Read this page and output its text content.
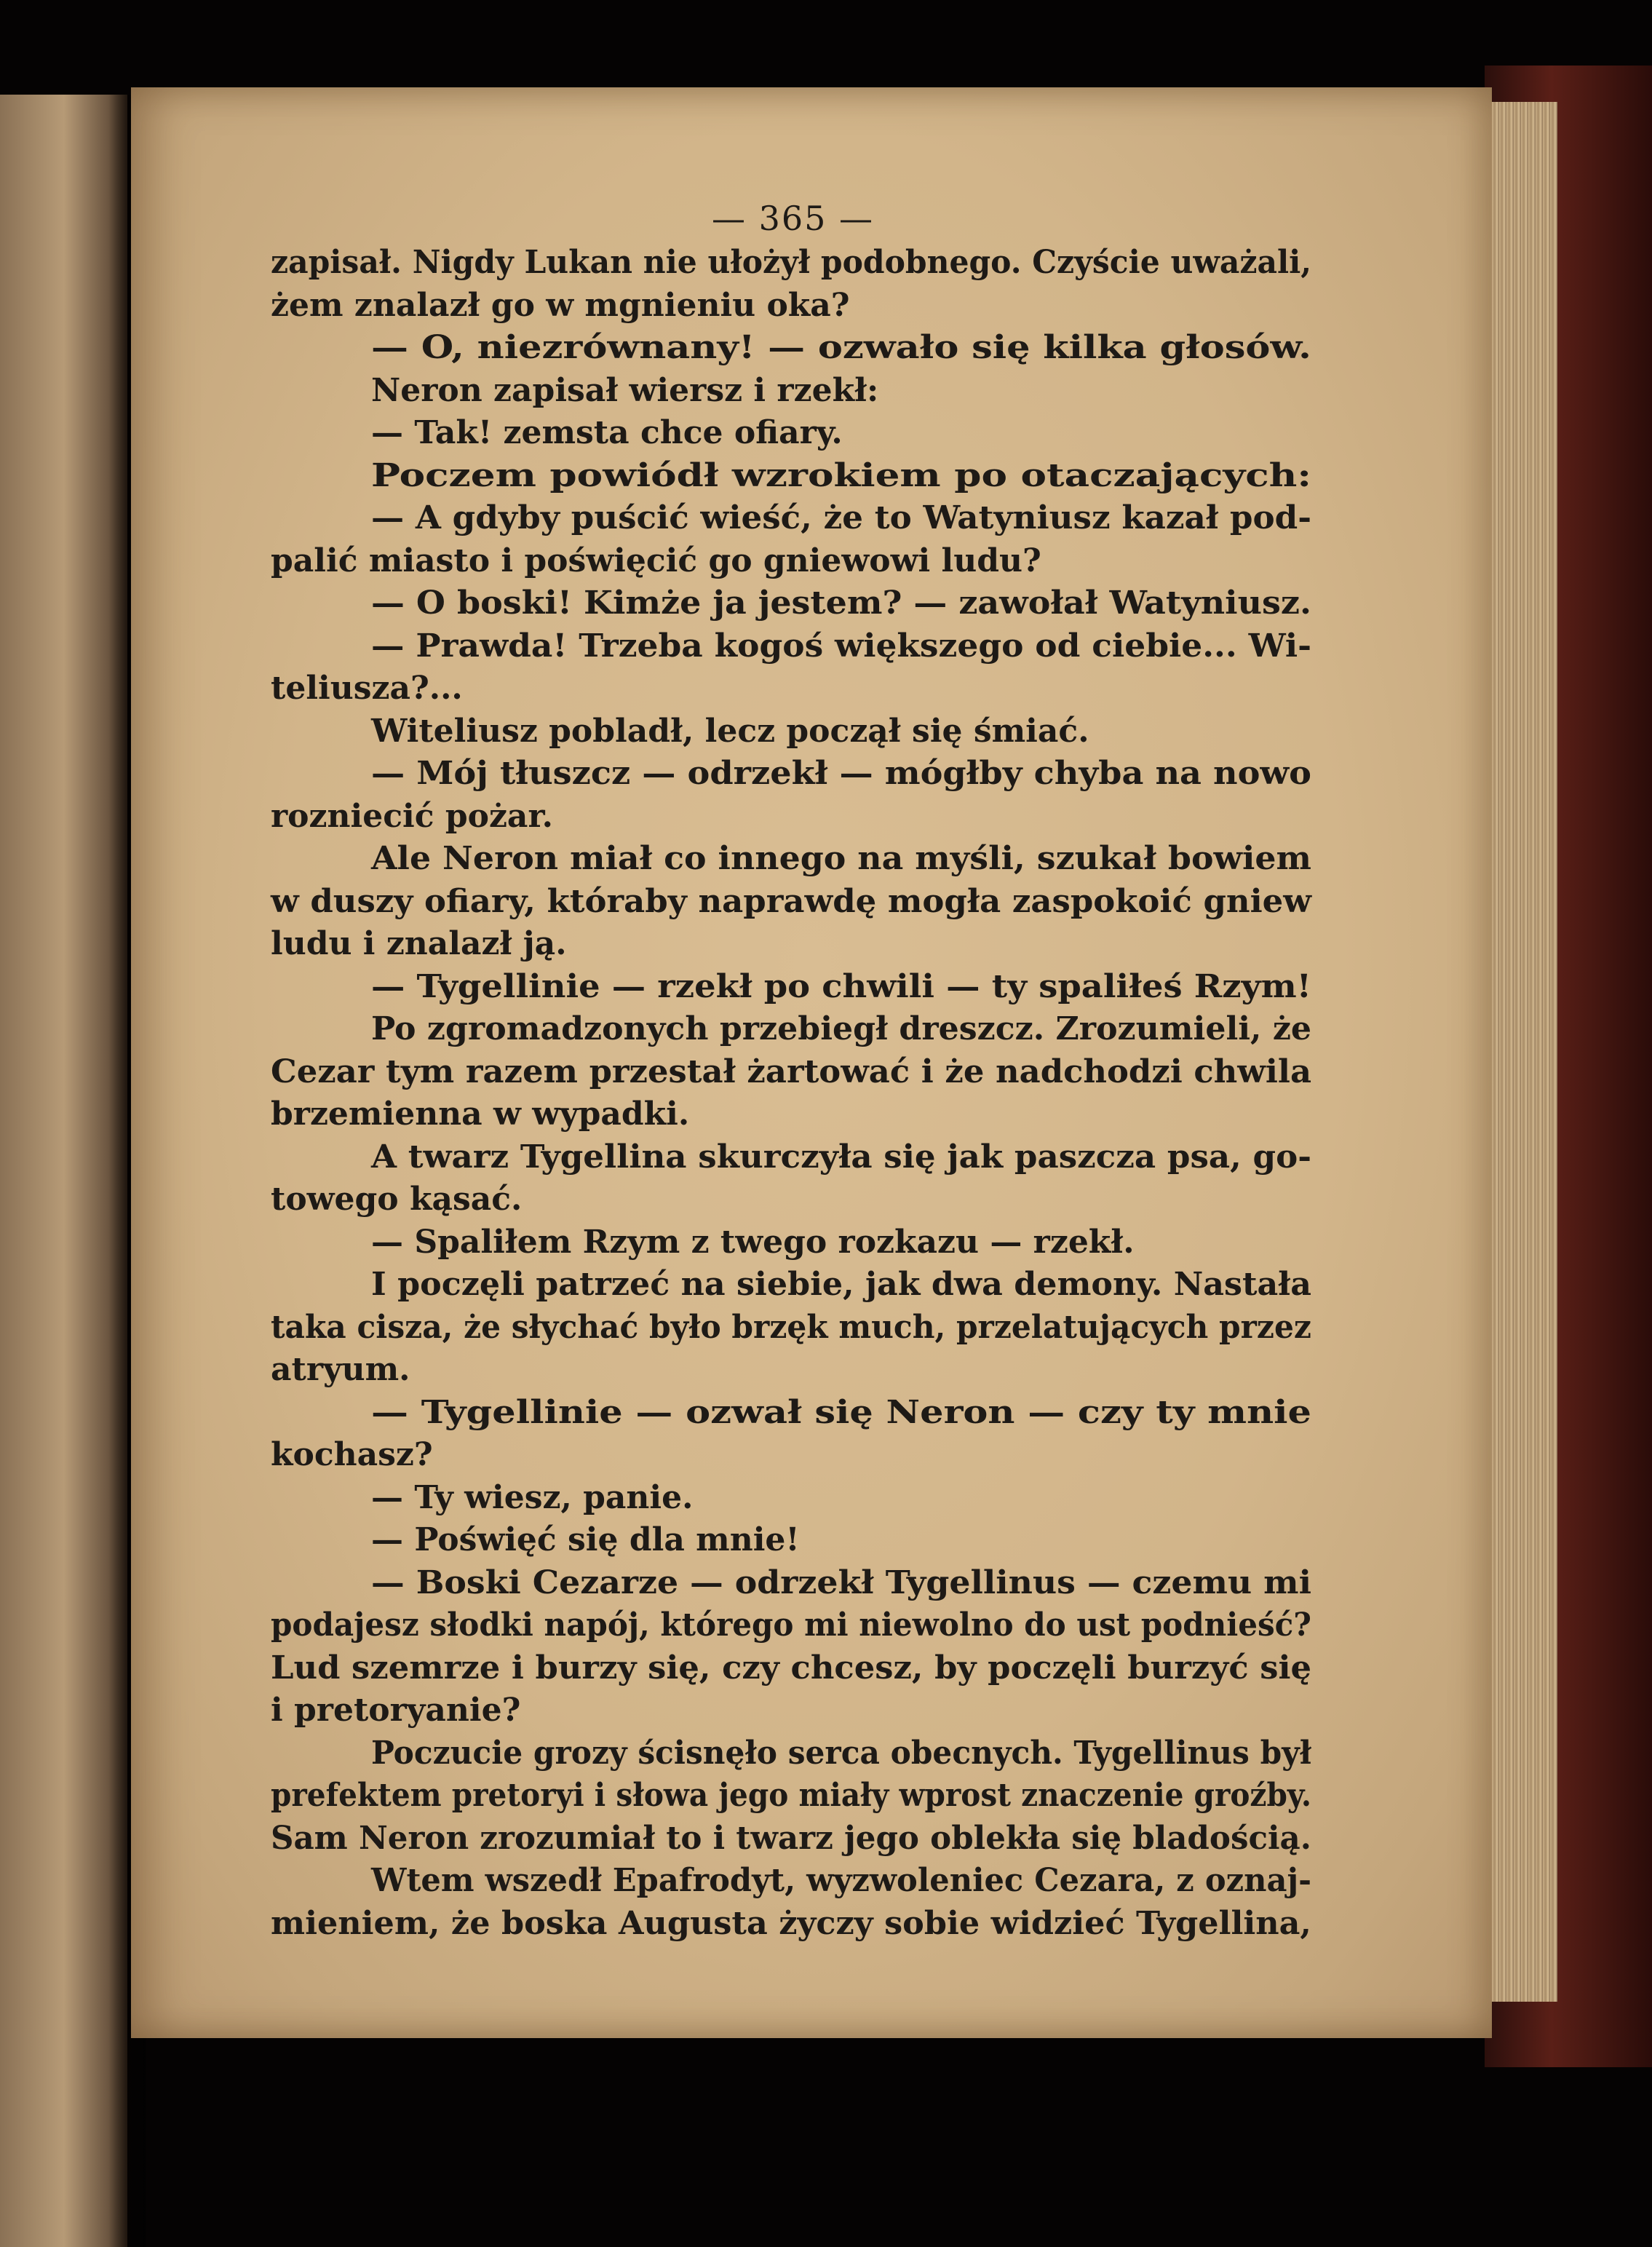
— 365 —
zapisał. Nigdy Lukan nie ułożył podobnego. Czyście uważali,
żem znalazł go w mgnieniu oka?
— O, niezrównany! — ozwało się kilka głosów.
Neron zapisał wiersz i rzekł:
— Tak! zemsta chce ofiary.
Poczem powiódł wzrokiem po otaczających:
— A gdyby puścić wieść, że to Watyniusz kazał pod-
palić miasto i poświęcić go gniewowi ludu?
— O boski! Kimże ja jestem? — zawołał Watyniusz.
— Prawda! Trzeba kogoś większego od ciebie... Wi-
teliusza?...
Witeliusz pobladł, lecz począł się śmiać.
— Mój tłuszcz — odrzekł — mógłby chyba na nowo
rozniecić pożar.
Ale Neron miał co innego na myśli, szukał bowiem
w duszy ofiary, któraby naprawdę mogła zaspokoić gniew
ludu i znalazł ją.
— Tygellinie — rzekł po chwili — ty spaliłeś Rzym!
Po zgromadzonych przebiegł dreszcz. Zrozumieli, że
Cezar tym razem przestał żartować i że nadchodzi chwila
brzemienna w wypadki.
A twarz Tygellina skurczyła się jak paszcza psa, go-
towego kąsać.
— Spaliłem Rzym z twego rozkazu — rzekł.
I poczęli patrzeć na siebie, jak dwa demony. Nastała
taka cisza, że słychać było brzęk much, przelatujących przez
atryum.
— Tygellinie — ozwał się Neron — czy ty mnie
kochasz?
— Ty wiesz, panie.
— Poświęć się dla mnie!
— Boski Cezarze — odrzekł Tygellinus — czemu mi
podajesz słodki napój, którego mi niewolno do ust podnieść?
Lud szemrze i burzy się, czy chcesz, by poczęli burzyć się
i pretoryanie?
Poczucie grozy ścisnęło serca obecnych. Tygellinus był
prefektem pretoryi i słowa jego miały wprost znaczenie groźby.
Sam Neron zrozumiał to i twarz jego oblekła się bladością.
Wtem wszedł Epafrodyt, wyzwoleniec Cezara, z oznaj-
mieniem, że boska Augusta życzy sobie widzieć Tygellina,
